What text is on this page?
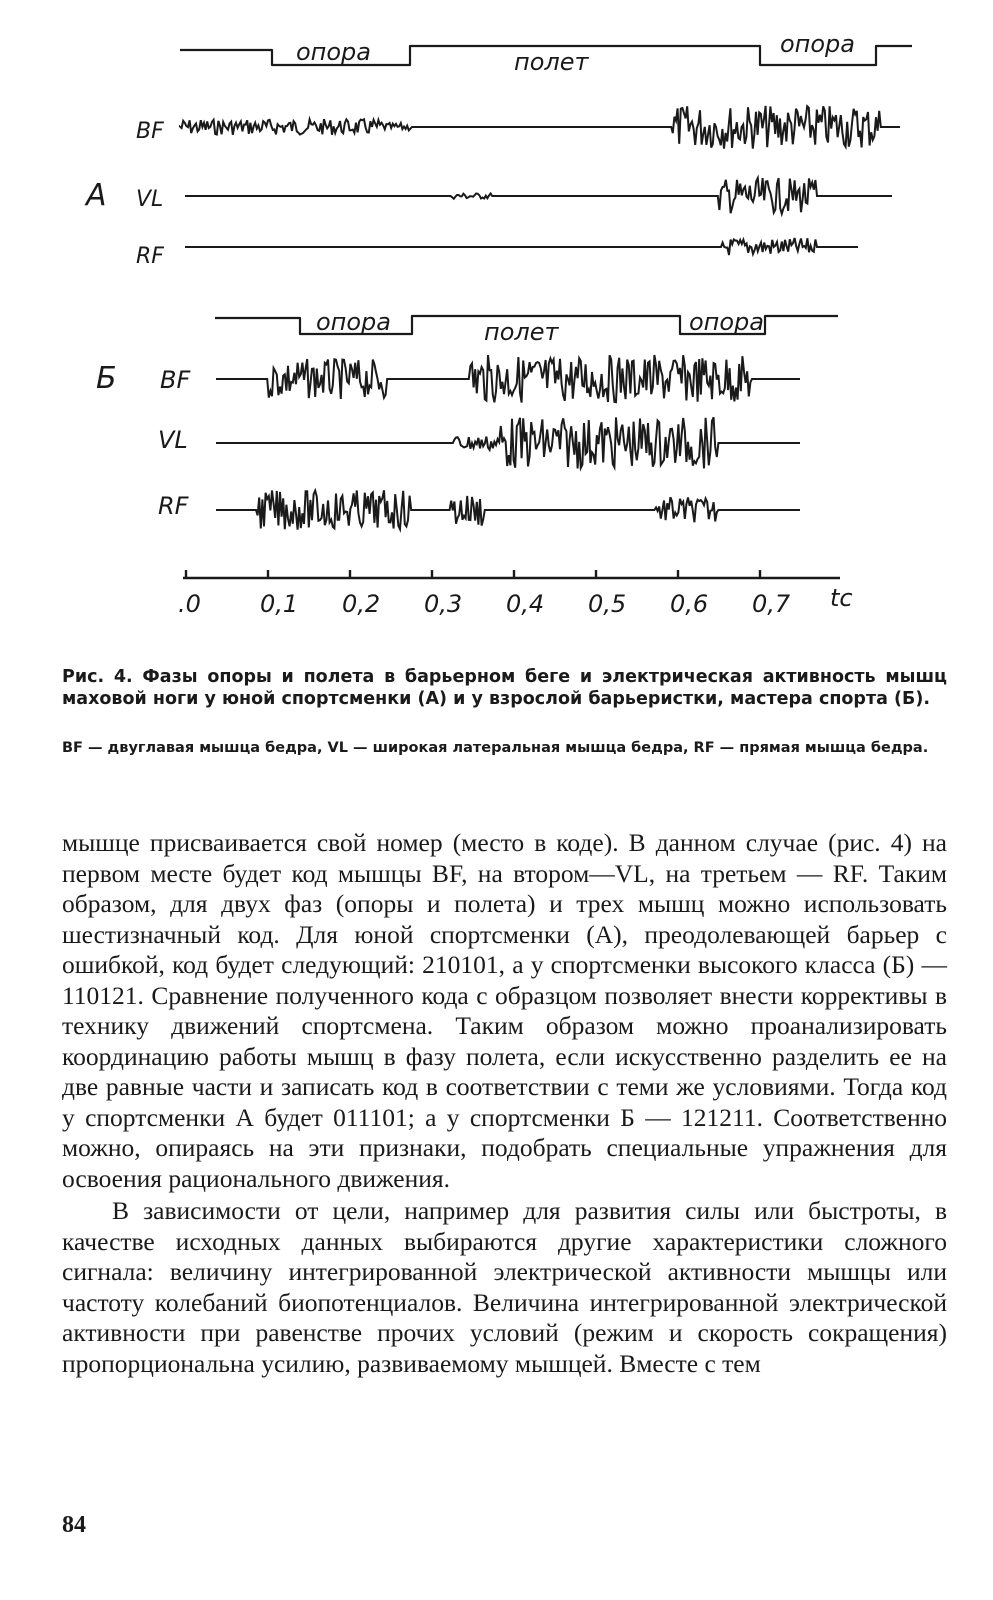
опора	полет
опора
опора	полет	опора
А
Б
BF
VL
RF
BF
VL
RF
.0 0,1 0,2 0,3 0,4 0,5 0,6 0,7 tc
Рис. 4. Фазы опоры и полета в барьерном беге и электрическая активность мышц маховой ноги у юной спортсменки (А) и у взрослой барьеристки, мастера спорта (Б).
BF — двуглавая мышца бедра, VL — широкая латеральная мышца бедра, RF — прямая мышца бедра.

мышце присваивается свой номер (место в коде). В данном случае (рис. 4) на первом месте будет код мышцы BF, на втором—VL, на третьем — RF. Таким образом, для двух фаз (опоры и полета) и трех мышц можно использовать шестизначный код. Для юной спортсменки (А), преодолевающей барьер с ошибкой, код будет следующий: 210101, а у спортсменки высокого класса (Б) — 110121. Сравнение полученного кода с образцом позволяет внести коррективы в технику движений спортсмена. Таким образом можно проанализировать координацию работы мышц в фазу полета, если искусственно разделить ее на две равные части и записать код в соответствии с теми же условиями. Тогда код у спортсменки А будет 011101; а у спортсменки Б — 121211. Соответственно можно, опираясь на эти признаки, подобрать специальные упражнения для освоения рационального движения.

В зависимости от цели, например для развития силы или быстроты, в качестве исходных данных выбираются другие характеристики сложного сигнала: величину интегрированной электрической активности мышцы или частоту колебаний биопотенциалов. Величина интегрированной электрической активности при равенстве прочих условий (режим и скорость сокращения) пропорциональна усилию, развиваемому мышцей. Вместе с тем

84
